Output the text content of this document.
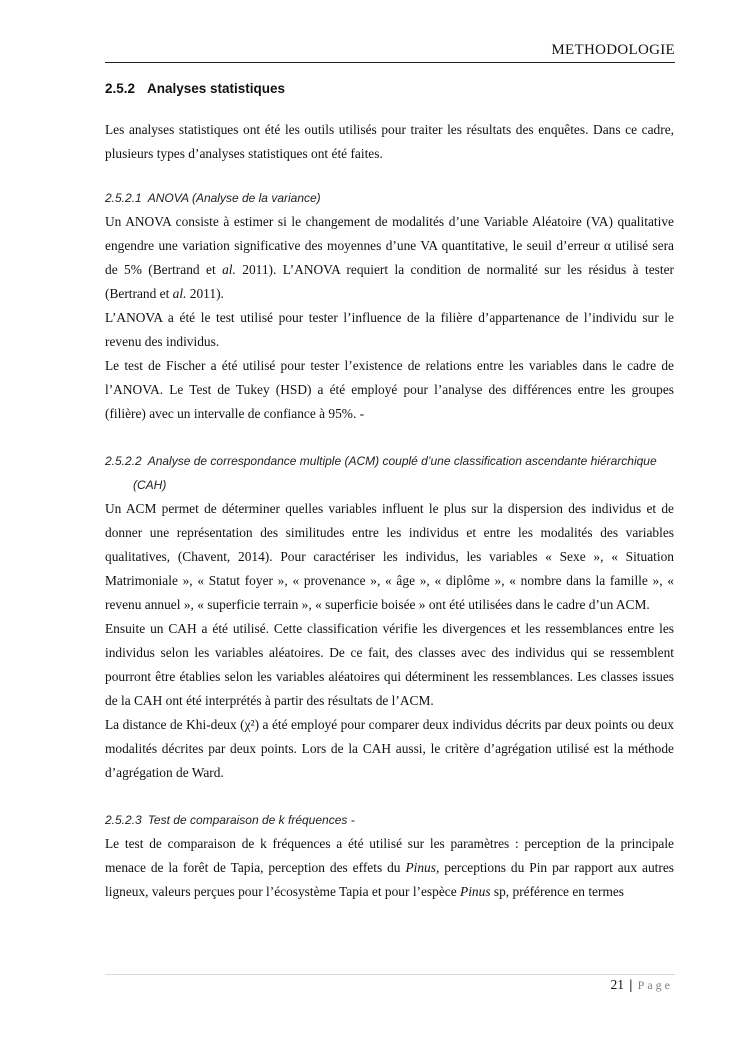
METHODOLOGIE
2.5.2 Analyses statistiques

Les analyses statistiques ont été les outils utilisés pour traiter les résultats des enquêtes. Dans ce cadre, plusieurs types d’analyses statistiques ont été faites.

2.5.2.1 ANOVA (Analyse de la variance)

Un ANOVA consiste à estimer si le changement de modalités d’une Variable Aléatoire (VA) qualitative engendre une variation significative des moyennes d’une VA quantitative, le seuil d’erreur α utilisé sera de 5% (Bertrand et al. 2011). L’ANOVA requiert la condition de normalité sur les résidus à tester (Bertrand et al. 2011).

L’ANOVA a été le test utilisé pour tester l’influence de la filière d’appartenance de l’individu sur le revenu des individus.

Le test de Fischer a été utilisé pour tester l’existence de relations entre les variables dans le cadre de l’ANOVA. Le Test de Tukey (HSD) a été employé pour l’analyse des différences entre les groupes (filière) avec un intervalle de confiance à 95%. -

2.5.2.2 Analyse de correspondance multiple (ACM) couplé d’une classification ascendante hiérarchique
(CAH)

Un ACM permet de déterminer quelles variables influent le plus sur la dispersion des individus et de donner une représentation des similitudes entre les individus et entre les modalités des variables qualitatives, (Chavent, 2014). Pour caractériser les individus, les variables « Sexe », « Situation Matrimoniale », « Statut foyer », « provenance », « âge », « diplôme », « nombre dans la famille », « revenu annuel », « superficie terrain », « superficie boisée » ont été utilisées dans le cadre d’un ACM.

Ensuite un CAH a été utilisé. Cette classification vérifie les divergences et les ressemblances entre les individus selon les variables aléatoires. De ce fait, des classes avec des individus qui se ressemblent pourront être établies selon les variables aléatoires qui déterminent les ressemblances. Les classes issues de la CAH ont été interprétés à partir des résultats de l’ACM.

La distance de Khi-deux (χ²) a été employé pour comparer deux individus décrits par deux points ou deux modalités décrites par deux points. Lors de la CAH aussi, le critère d’agrégation utilisé est la méthode d’agrégation de Ward.

2.5.2.3 Test de comparaison de k fréquences -

Le test de comparaison de k fréquences a été utilisé sur les paramètres : perception de la principale menace de la forêt de Tapia, perception des effets du Pinus, perceptions du Pin par rapport aux autres ligneux, valeurs perçues pour l’écosystème Tapia et pour l’espèce Pinus sp, préférence en termes

21 | Page
